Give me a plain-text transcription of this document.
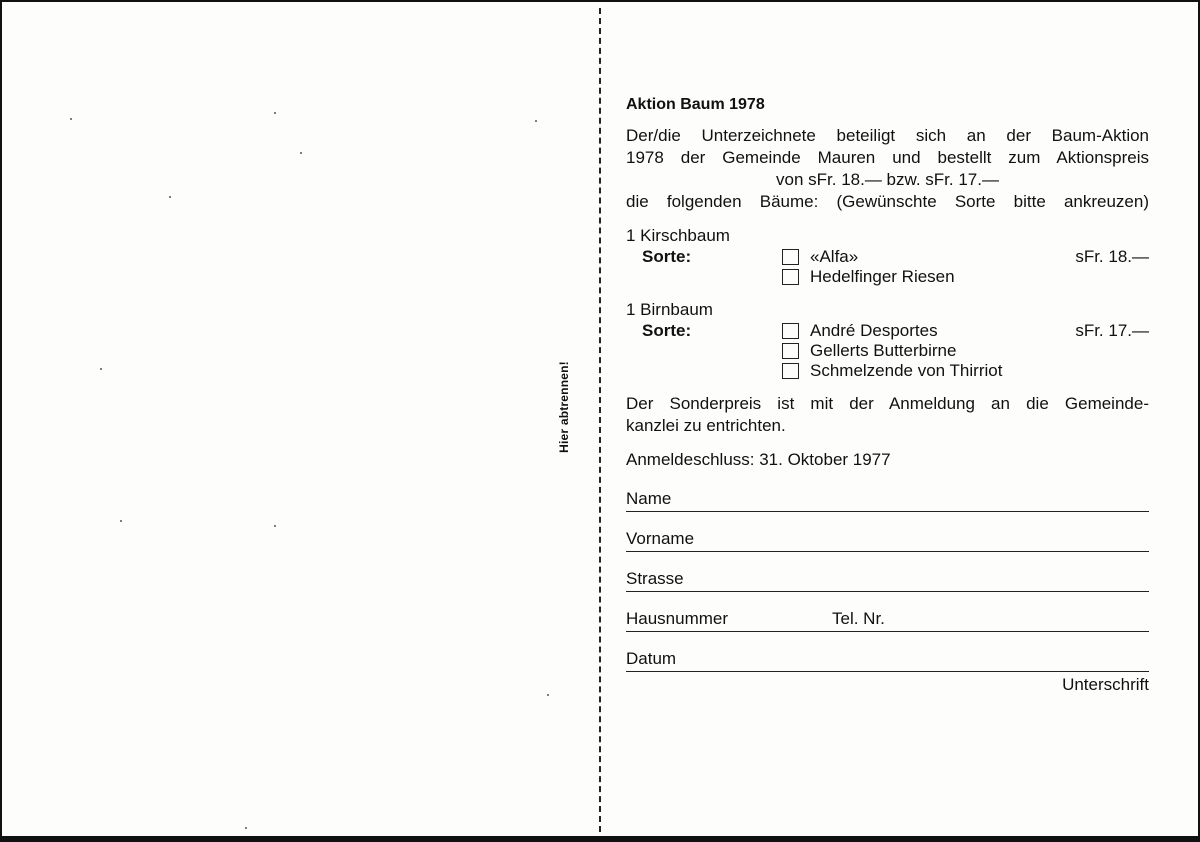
Hier abtrennen!
Aktion Baum 1978
Der/die Unterzeichnete beteiligt sich an der Baum-Aktion
1978 der Gemeinde Mauren und bestellt zum Aktionspreis
von sFr. 18.— bzw. sFr. 17.—
die folgenden Bäume: (Gewünschte Sorte bitte ankreuzen)
1 Kirschbaum
Sorte:	«Alfa»	sFr. 18.—
Hedelfinger Riesen
1 Birnbaum
Sorte:	André Desportes	sFr. 17.—
Gellerts Butterbirne
Schmelzende von Thirriot
Der Sonderpreis ist mit der Anmeldung an die Gemeinde-
kanzlei zu entrichten.
Anmeldeschluss: 31. Oktober 1977
Name
Vorname
Strasse
Hausnummer	Tel. Nr.
Datum
Unterschrift
